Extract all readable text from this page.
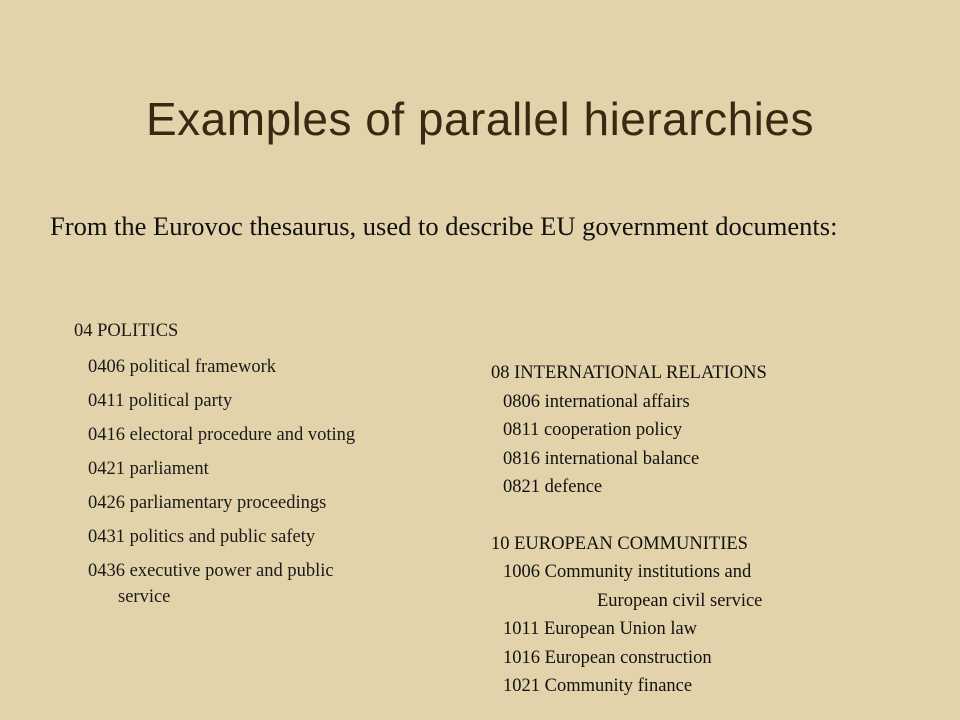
Examples of parallel hierarchies
From the Eurovoc thesaurus, used to describe EU government documents:
04 POLITICS
0406 political framework
0411 political party
0416 electoral procedure and voting
0421 parliament
0426 parliamentary proceedings
0431 politics and public safety
0436 executive power and public
service
08 INTERNATIONAL RELATIONS
0806 international affairs
0811 cooperation policy
0816 international balance
0821 defence
10 EUROPEAN COMMUNITIES
1006 Community institutions and
European civil service
1011 European Union law
1016 European construction
1021 Community finance
